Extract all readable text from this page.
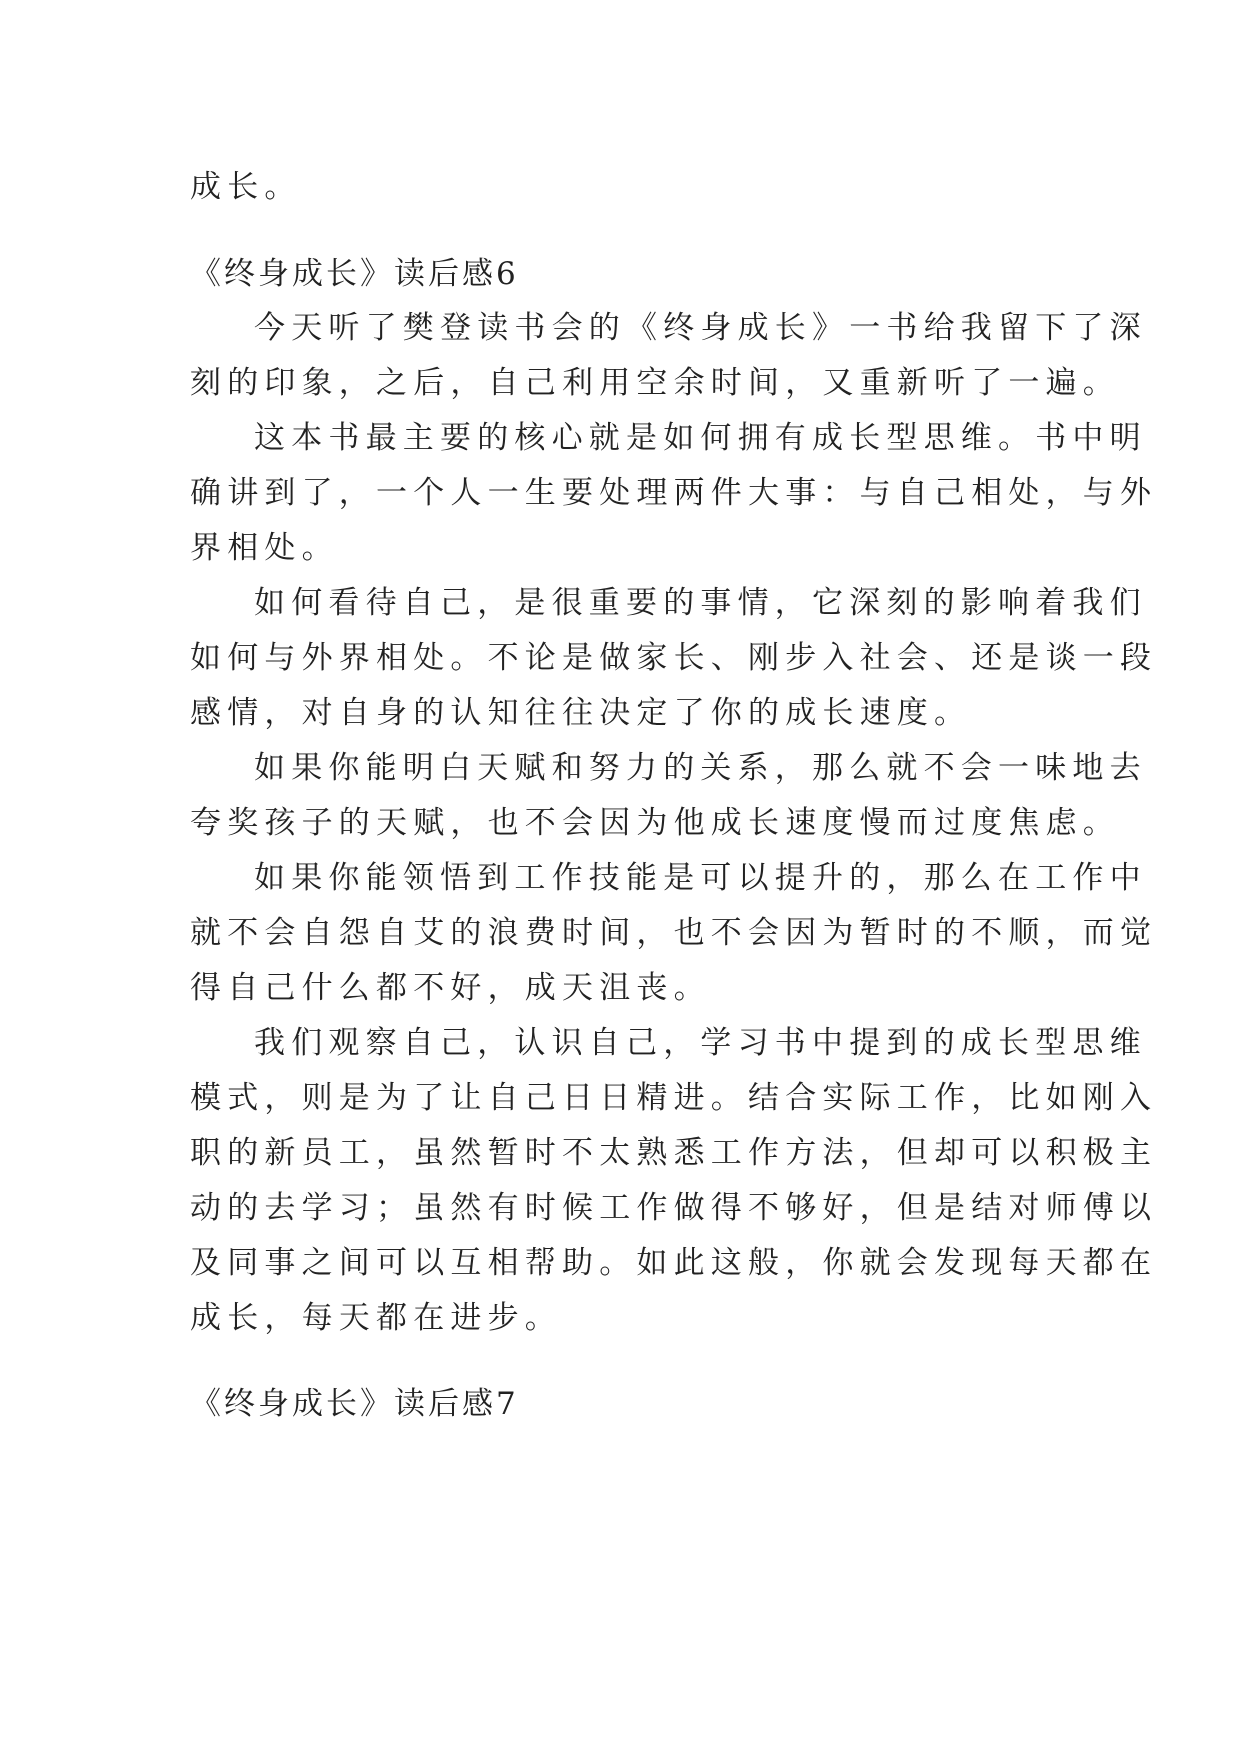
成长。
《终身成长》读后感6
今天听了樊登读书会的《终身成长》一书给我留下了深
刻的印象，之后，自己利用空余时间，又重新听了一遍。
这本书最主要的核心就是如何拥有成长型思维。书中明
确讲到了，一个人一生要处理两件大事：与自己相处，与外
界相处。
如何看待自己，是很重要的事情，它深刻的影响着我们
如何与外界相处。不论是做家长、刚步入社会、还是谈一段
感情，对自身的认知往往决定了你的成长速度。
如果你能明白天赋和努力的关系，那么就不会一味地去
夸奖孩子的天赋，也不会因为他成长速度慢而过度焦虑。
如果你能领悟到工作技能是可以提升的，那么在工作中
就不会自怨自艾的浪费时间，也不会因为暂时的不顺，而觉
得自己什么都不好，成天沮丧。
我们观察自己，认识自己，学习书中提到的成长型思维
模式，则是为了让自己日日精进。结合实际工作，比如刚入
职的新员工，虽然暂时不太熟悉工作方法，但却可以积极主
动的去学习；虽然有时候工作做得不够好，但是结对师傅以
及同事之间可以互相帮助。如此这般，你就会发现每天都在
成长，每天都在进步。
《终身成长》读后感7
